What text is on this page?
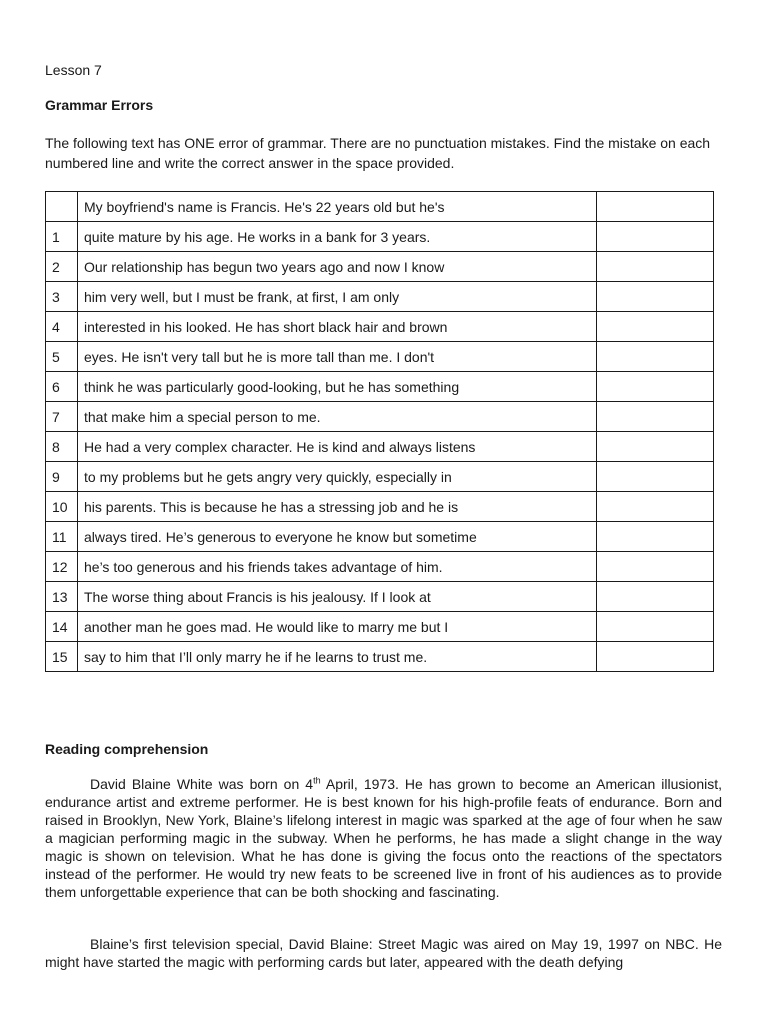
Lesson 7
Grammar Errors
The following text has ONE error of grammar. There are no punctuation mistakes. Find the mistake on each numbered line and write the correct answer in the space provided.
	My boyfriend's name is Francis. He's 22 years old but he's	
1	quite mature by his age. He works in a bank for 3 years.	
2	Our relationship has begun two years ago and now I know	
3	him very well, but I must be frank, at first, I am only	
4	interested in his looked. He has short black hair and brown	
5	eyes. He isn't very tall but he is more tall than me. I don't	
6	think he was particularly good-looking, but he has something	
7	that make him a special person to me.	
8	He had a very complex character. He is kind and always listens	
9	to my problems but he gets angry very quickly, especially in	
10	his parents. This is because he has a stressing job and he is	
11	always tired. He’s generous to everyone he know but sometime	
12	he’s too generous and his friends takes advantage of him.	
13	The worse thing about Francis is his jealousy. If I look at	
14	another man he goes mad. He would like to marry me but I	
15	say to him that I’ll only marry he if he learns to trust me.	
Reading comprehension
David Blaine White was born on 4th April, 1973. He has grown to become an American illusionist, endurance artist and extreme performer. He is best known for his high-profile feats of endurance. Born and raised in Brooklyn, New York, Blaine’s lifelong interest in magic was sparked at the age of four when he saw a magician performing magic in the subway. When he performs, he has made a slight change in the way magic is shown on television. What he has done is giving the focus onto the reactions of the spectators instead of the performer. He would try new feats to be screened live in front of his audiences as to provide them unforgettable experience that can be both shocking and fascinating.
Blaine’s first television special, David Blaine: Street Magic was aired on May 19, 1997 on NBC. He might have started the magic with performing cards but later, appeared with the death defying
